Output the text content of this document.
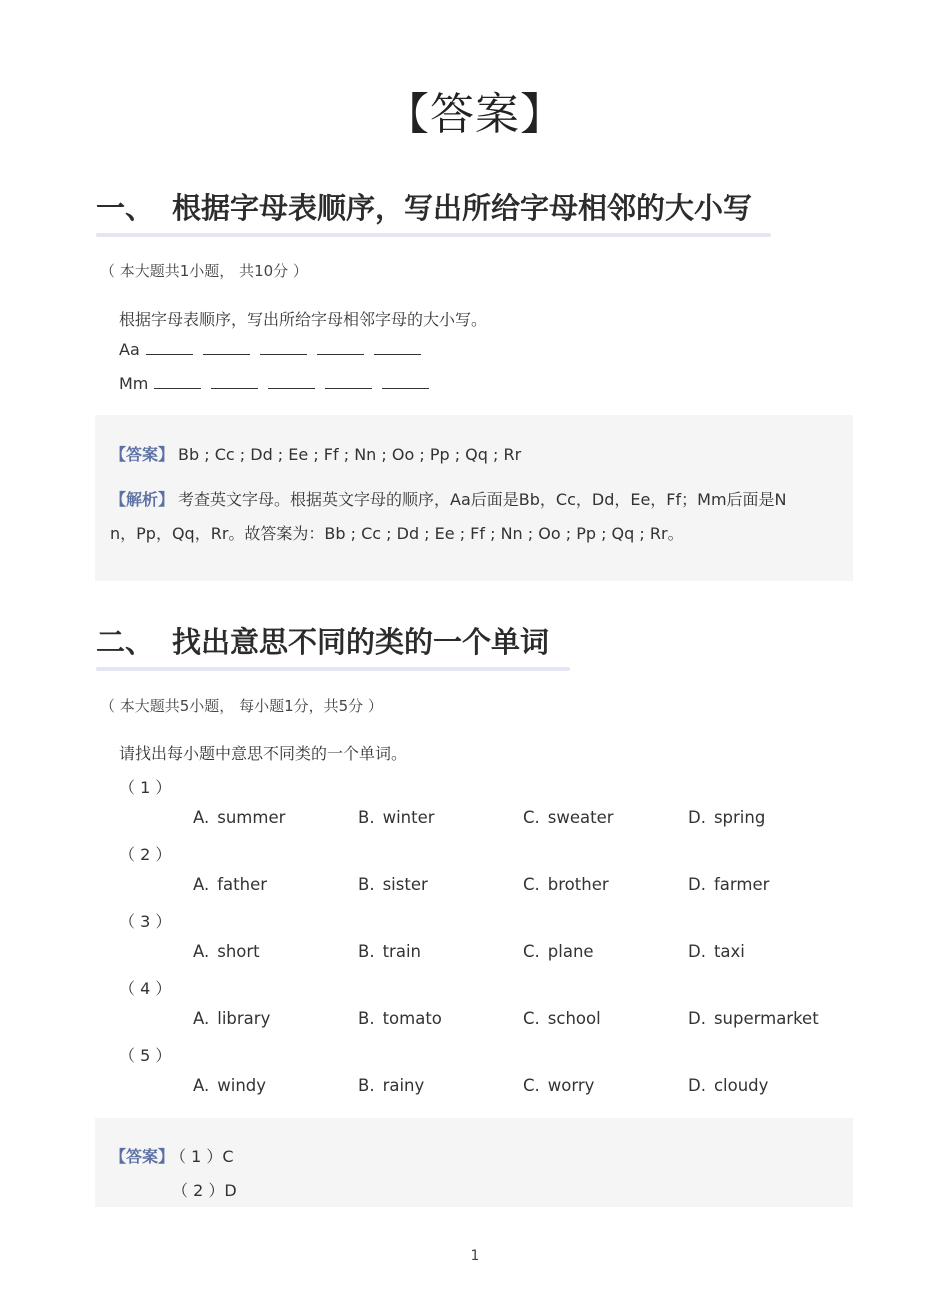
【答案】
一、 根据字母表顺序，写出所给字母相邻的大小写
（ 本大题共1小题， 共10分 ）
根据字母表顺序，写出所给字母相邻字母的大小写。
Aa
Mm
【答案】 Bb ; Cc ; Dd ; Ee ; Ff ; Nn ; Oo ; Pp ; Qq ; Rr
【解析】 考查英文字母。根据英文字母的顺序，Aa后面是Bb，Cc，Dd，Ee，Ff；Mm后面是N
n，Pp，Qq，Rr。故答案为：Bb ; Cc ; Dd ; Ee ; Ff ; Nn ; Oo ; Pp ; Qq ; Rr。
二、 找出意思不同的类的一个单词
（ 本大题共5小题， 每小题1分，共5分 ）
请找出每小题中意思不同类的一个单词。
（ 1 ）
A. summer	B. winter	C. sweater	D. spring
（ 2 ）
A. father	B. sister	C. brother	D. farmer
（ 3 ）
A. short	B. train	C. plane	D. taxi
（ 4 ）
A. library	B. tomato	C. school	D. supermarket
（ 5 ）
A. windy	B. rainy	C. worry	D. cloudy
【答案】 （ 1 ）C
（ 2 ）D
1
